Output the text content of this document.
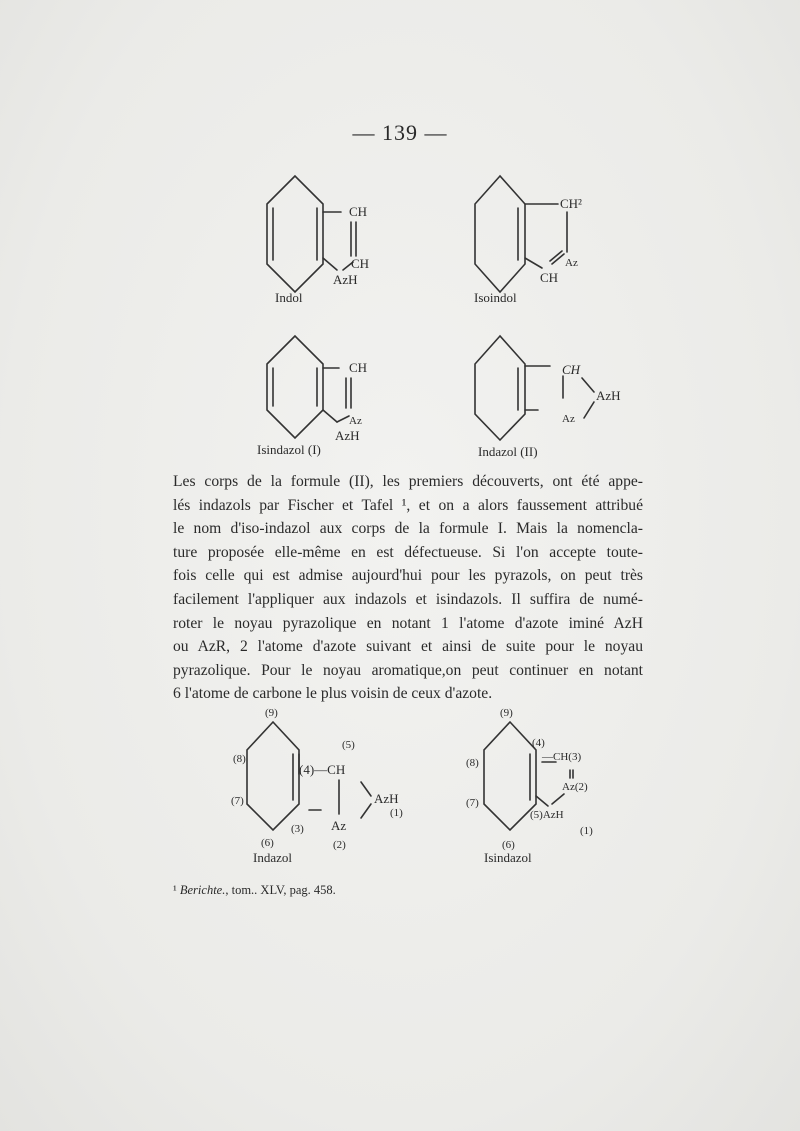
— 139 —
CH
CH
AzH
Indol
CH²
Az
CH
Isoindol
CH
Az
AzH
Isindazol (I)
CH
Az
AzH
Indazol (II)
Les corps de la formule (II), les premiers découverts, ont été appe-
lés indazols par Fischer et Tafel ¹, et on a alors faussement attribué
le nom d'iso-indazol aux corps de la formule I. Mais la nomencla-
ture proposée elle-même en est défectueuse. Si l'on accepte toute-
fois celle qui est admise aujourd'hui pour les pyrazols, on peut très
facilement l'appliquer aux indazols et isindazols. Il suffira de numé-
roter le noyau pyrazolique en notant 1 l'atome d'azote iminé AzH
ou AzR, 2 l'atome d'azote suivant et ainsi de suite pour le noyau
pyrazolique. Pour le noyau aromatique,on peut continuer en notant
6 l'atome de carbone le plus voisin de ceux d'azote.
(9)
(8)
(7)
(6)
(5)
(4)—CH
(3) Az
(2)
AzH
(1)
Indazol
(9)
(8)
(7)
(6)
(4)
—CH(3)
Az(2)
(5)AzH
(1)
Isindazol
¹ Berichte., tom.. XLV, pag. 458.
